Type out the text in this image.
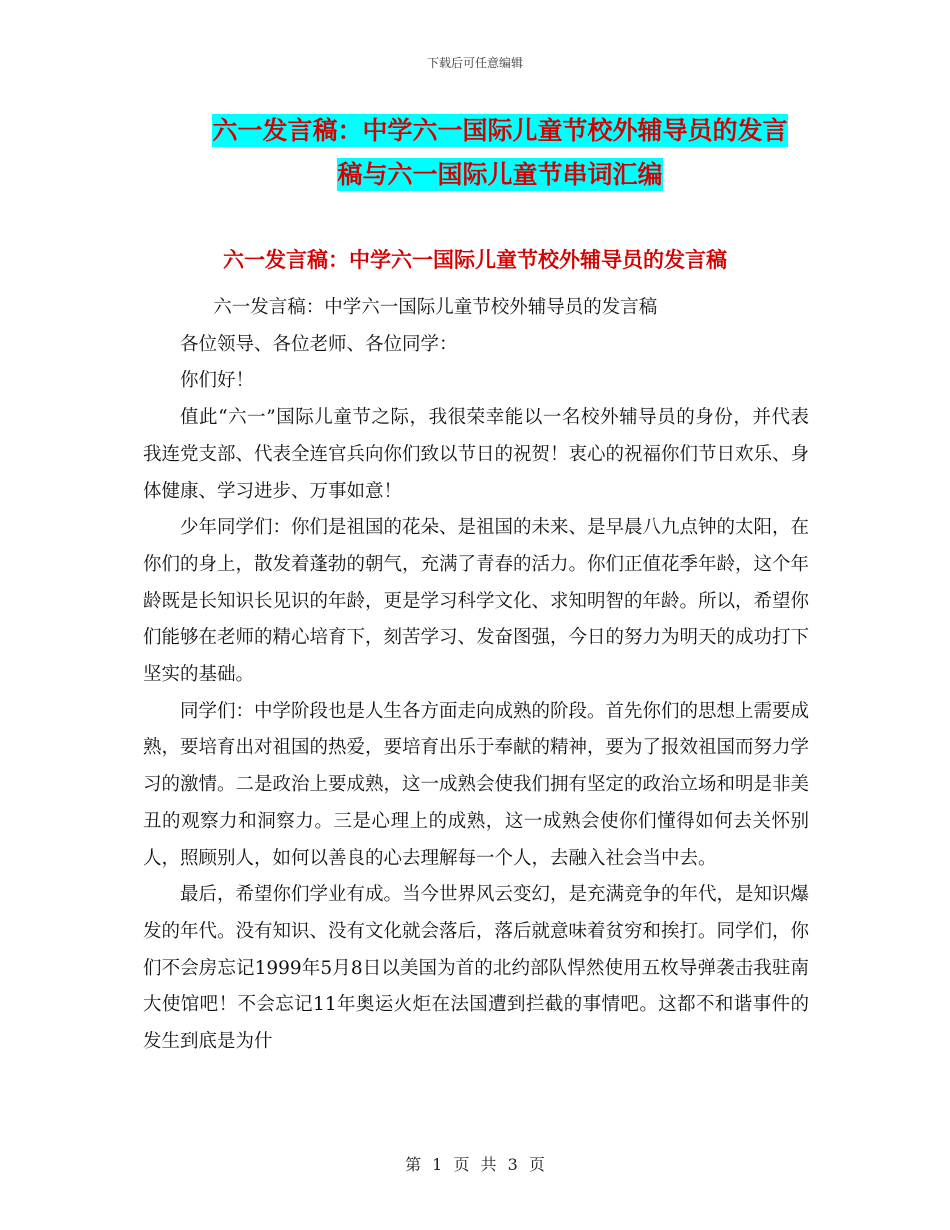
下载后可任意编辑
六一发言稿：中学六一国际儿童节校外辅导员的发言
稿与六一国际儿童节串词汇编
六一发言稿：中学六一国际儿童节校外辅导员的发言稿

六一发言稿：中学六一国际儿童节校外辅导员的发言稿

各位领导、各位老师、各位同学：

你们好！

值此“六一”国际儿童节之际，我很荣幸能以一名校外辅导员的身份，并代表我连党支部、代表全连官兵向你们致以节日的祝贺！衷心的祝福你们节日欢乐、身体健康、学习进步、万事如意！

少年同学们：你们是祖国的花朵、是祖国的未来、是早晨八九点钟的太阳，在你们的身上，散发着蓬勃的朝气，充满了青春的活力。你们正值花季年龄，这个年龄既是长知识长见识的年龄，更是学习科学文化、求知明智的年龄。所以，希望你们能够在老师的精心培育下，刻苦学习、发奋图强，今日的努力为明天的成功打下坚实的基础。

同学们：中学阶段也是人生各方面走向成熟的阶段。首先你们的思想上需要成熟，要培育出对祖国的热爱，要培育出乐于奉献的精神，要为了报效祖国而努力学习的激情。二是政治上要成熟，这一成熟会使我们拥有坚定的政治立场和明是非美丑的观察力和洞察力。三是心理上的成熟，这一成熟会使你们懂得如何去关怀别人，照顾别人，如何以善良的心去理解每一个人，去融入社会当中去。

最后，希望你们学业有成。当今世界风云变幻，是充满竞争的年代，是知识爆发的年代。没有知识、没有文化就会落后，落后就意味着贫穷和挨打。同学们，你们不会房忘记1999年5月8日以美国为首的北约部队悍然使用五枚导弹袭击我驻南大使馆吧！不会忘记11年奥运火炬在法国遭到拦截的事情吧。这都不和谐事件的发生到底是为什

第 1 页 共 3 页
